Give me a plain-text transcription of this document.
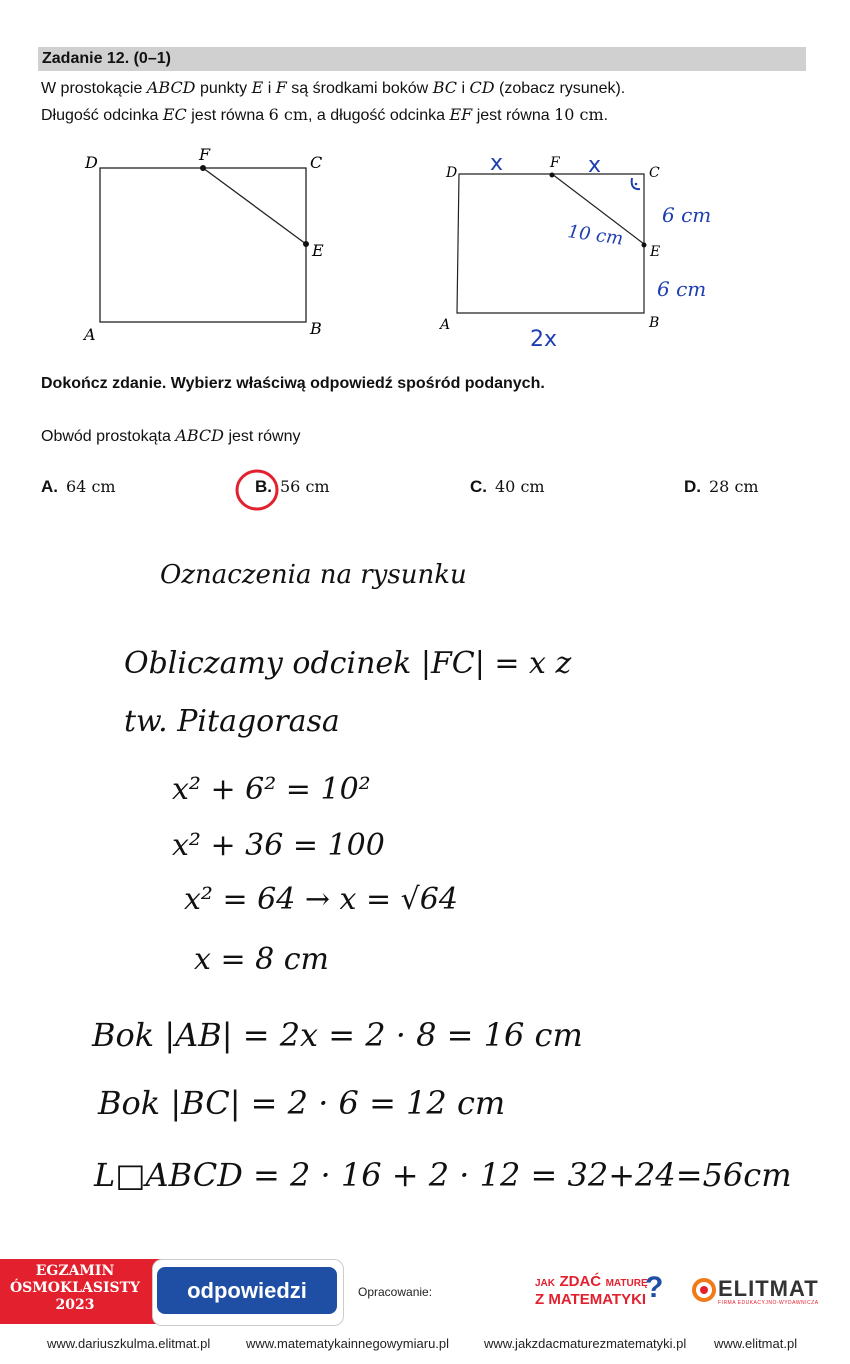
Zadanie 12. (0–1)
W prostokącie ABCD punkty E i F są środkami boków BC i CD (zobacz rysunek).
Długość odcinka EC jest równa 6 cm, a długość odcinka EF jest równa 10 cm.
D	F	C
E
A	B
D
F
C
E
A	B
x	x
10 cm
6 cm
6 cm
2x
Dokończ zdanie. Wybierz właściwą odpowiedź spośród podanych.
Obwód prostokąta ABCD jest równy
A. 64 cm	B. 56 cm	C. 40 cm	D. 28 cm
Oznaczenia na rysunku
Obliczamy odcinek |FC| = x z
tw. Pitagorasa
x² + 6² = 10²
x² + 36 = 100
x² = 64 → x = √64
x = 8 cm
Bok |AB| = 2x = 2 · 8 = 16 cm
Bok |BC| = 2 · 6 = 12 cm
L□ABCD = 2 · 16 + 2 · 12 = 32+24=56cm
EGZAMIN
ÓSMOKLASISTY
2023
odpowiedzi	Opracowanie:
JAK ZDAĆ MATURĘ
Z MATEMATYKI
? ELITMAT
FIRMA EDUKACYJNO-WYDAWNICZA
www.dariuszkulma.elitmat.pl	www.matematykainnegowymiaru.pl	www.jakzdacmaturezmatematyki.pl www.elitmat.pl
